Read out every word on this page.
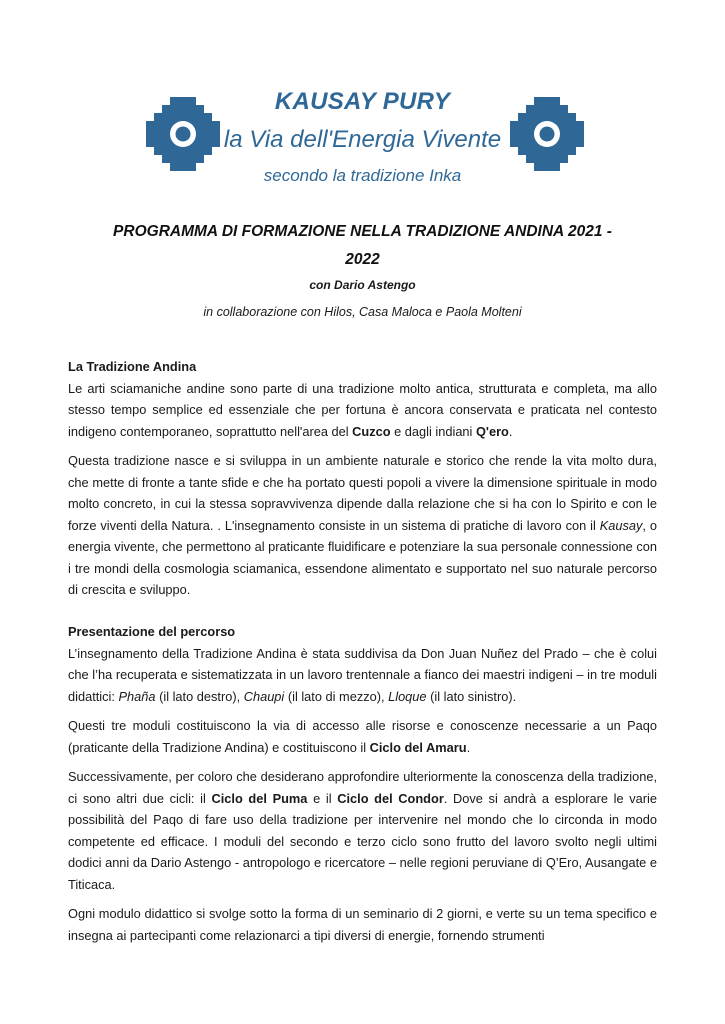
KAUSAY PURY
la Via dell'Energia Vivente
secondo la tradizione Inka
PROGRAMMA DI FORMAZIONE NELLA TRADIZIONE ANDINA 2021 -
2022
con Dario Astengo
in collaborazione con Hilos, Casa Maloca e Paola Molteni
La Tradizione Andina

Le arti sciamaniche andine sono parte di una tradizione molto antica, strutturata e completa, ma allo stesso tempo semplice ed essenziale che per fortuna è ancora conservata e praticata nel contesto indigeno contemporaneo, soprattutto nell'area del Cuzco e dagli indiani Q'ero.

Questa tradizione nasce e si sviluppa in un ambiente naturale e storico che rende la vita molto dura, che mette di fronte a tante sfide e che ha portato questi popoli a vivere la dimensione spirituale in modo molto concreto, in cui la stessa sopravvivenza dipende dalla relazione che si ha con lo Spirito e con le forze viventi della Natura. . L'insegnamento consiste in un sistema di pratiche di lavoro con il Kausay, o energia vivente, che permettono al praticante fluidificare e potenziare la sua personale connessione con i tre mondi della cosmologia sciamanica, essendone alimentato e supportato nel suo naturale percorso di crescita e sviluppo.

Presentazione del percorso

L’insegnamento della Tradizione Andina è stata suddivisa da Don Juan Nuñez del Prado – che è colui che l’ha recuperata e sistematizzata in un lavoro trentennale a fianco dei maestri indigeni – in tre moduli didattici: Phaña (il lato destro), Chaupi (il lato di mezzo), Lloque (il lato sinistro).

Questi tre moduli costituiscono la via di accesso alle risorse e conoscenze necessarie a un Paqo (praticante della Tradizione Andina) e costituiscono il Ciclo del Amaru.

Successivamente, per coloro che desiderano approfondire ulteriormente la conoscenza della tradizione, ci sono altri due cicli: il Ciclo del Puma e il Ciclo del Condor. Dove si andrà a esplorare le varie possibilità del Paqo di fare uso della tradizione per intervenire nel mondo che lo circonda in modo competente ed efficace. I moduli del secondo e terzo ciclo sono frutto del lavoro svolto negli ultimi dodici anni da Dario Astengo - antropologo e ricercatore – nelle regioni peruviane di Q’Ero, Ausangate e Titicaca.

Ogni modulo didattico si svolge sotto la forma di un seminario di 2 giorni, e verte su un tema specifico e insegna ai partecipanti come relazionarci a tipi diversi di energie, fornendo strumenti
